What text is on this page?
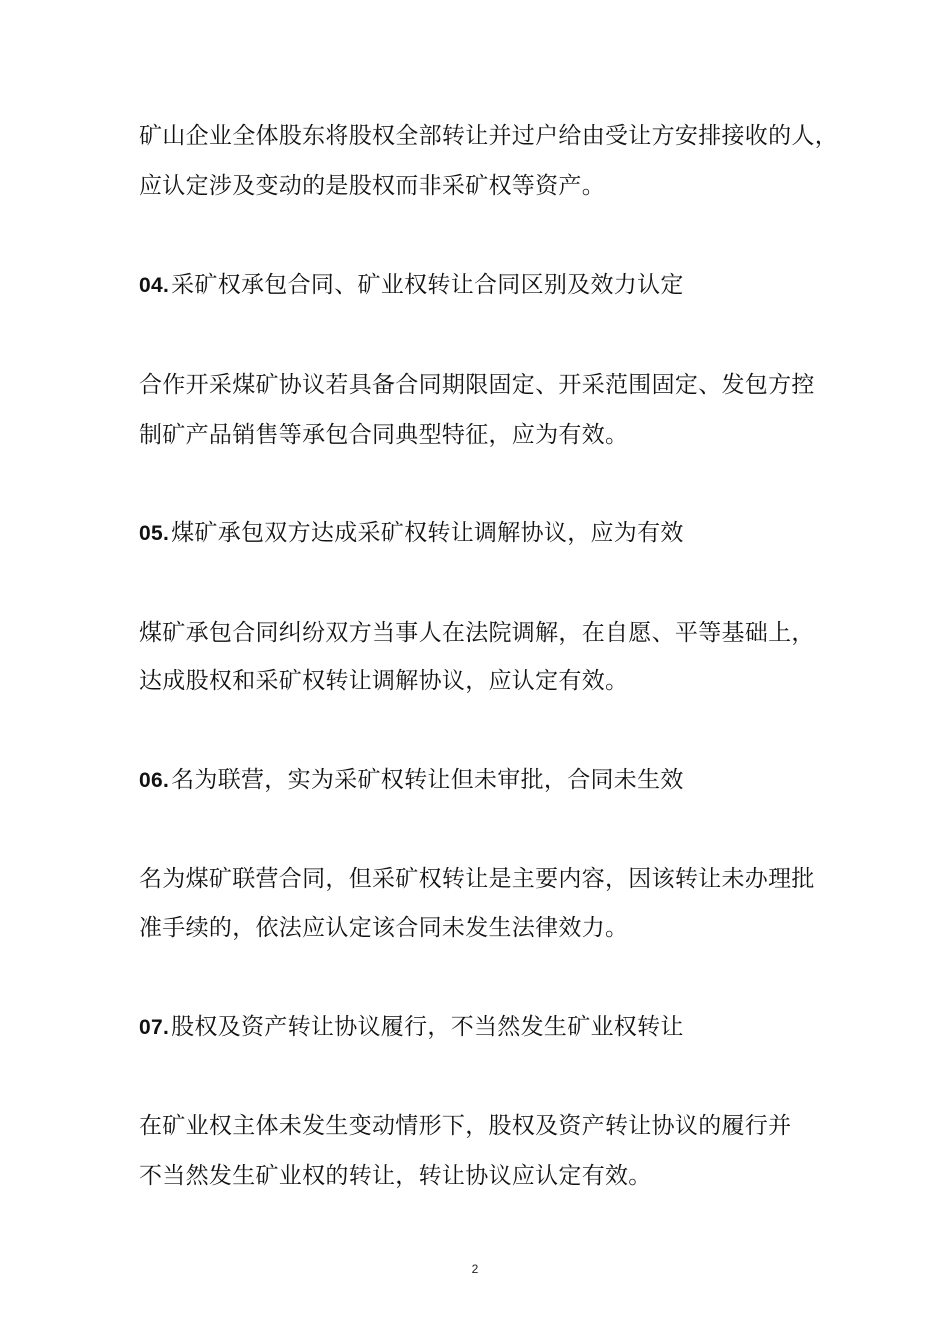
矿山企业全体股东将股权全部转让并过户给由受让方安排接收的人，
应认定涉及变动的是股权而非采矿权等资产。
04.采矿权承包合同、矿业权转让合同区别及效力认定
合作开采煤矿协议若具备合同期限固定、开采范围固定、发包方控
制矿产品销售等承包合同典型特征，应为有效。
05.煤矿承包双方达成采矿权转让调解协议，应为有效
煤矿承包合同纠纷双方当事人在法院调解，在自愿、平等基础上，
达成股权和采矿权转让调解协议，应认定有效。
06.名为联营，实为采矿权转让但未审批，合同未生效
名为煤矿联营合同，但采矿权转让是主要内容，因该转让未办理批
准手续的，依法应认定该合同未发生法律效力。
07.股权及资产转让协议履行，不当然发生矿业权转让
在矿业权主体未发生变动情形下，股权及资产转让协议的履行并
不当然发生矿业权的转让，转让协议应认定有效。
2
